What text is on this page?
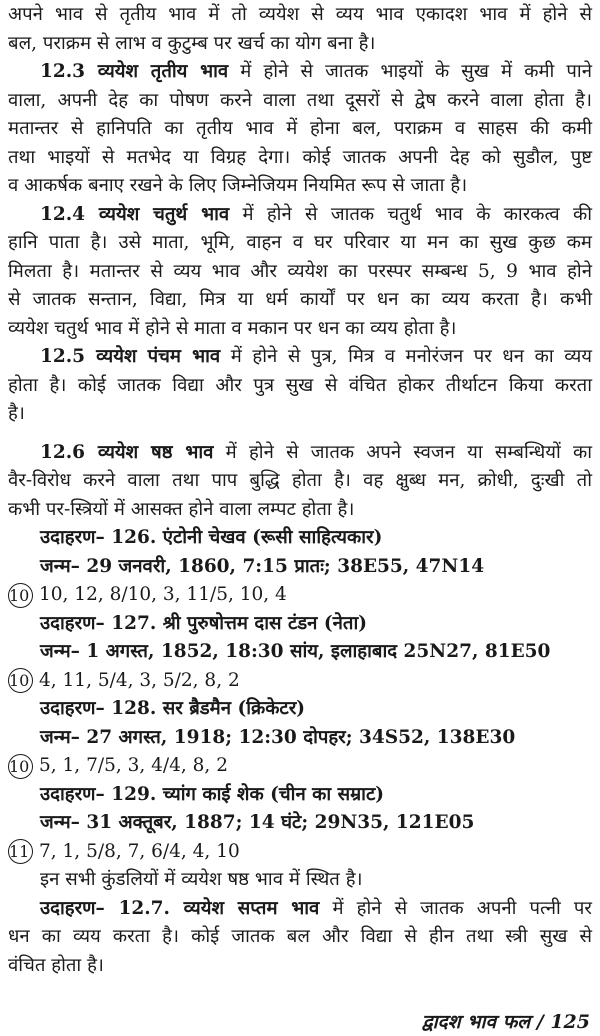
अपने भाव से तृतीय भाव में तो व्ययेश से व्यय भाव एकादश भाव में होने से
बल, पराक्रम से लाभ व कुटुम्ब पर खर्च का योग बना है।
12.3 व्ययेश तृतीय भाव में होने से जातक भाइयों के सुख में कमी पाने
वाला, अपनी देह का पोषण करने वाला तथा दूसरों से द्वेष करने वाला होता है।
मतान्तर से हानिपति का तृतीय भाव में होना बल, पराक्रम व साहस की कमी
तथा भाइयों से मतभेद या विग्रह देगा। कोई जातक अपनी देह को सुडौल, पुष्ट
व आकर्षक बनाए रखने के लिए जिम्नेजियम नियमित रूप से जाता है।
12.4 व्ययेश चतुर्थ भाव में होने से जातक चतुर्थ भाव के कारकत्व की
हानि पाता है। उसे माता, भूमि, वाहन व घर परिवार या मन का सुख कुछ कम
मिलता है। मतान्तर से व्यय भाव और व्ययेश का परस्पर सम्बन्ध 5, 9 भाव होने
से जातक सन्तान, विद्या, मित्र या धर्म कार्यों पर धन का व्यय करता है। कभी
व्ययेश चतुर्थ भाव में होने से माता व मकान पर धन का व्यय होता है।
12.5 व्ययेश पंचम भाव में होने से पुत्र, मित्र व मनोरंजन पर धन का व्यय
होता है। कोई जातक विद्या और पुत्र सुख से वंचित होकर तीर्थाटन किया करता
है।
12.6 व्ययेश षष्ठ भाव में होने से जातक अपने स्वजन या सम्बन्धियों का
वैर-विरोध करने वाला तथा पाप बुद्धि होता है। वह क्षुब्ध मन, क्रोधी, दुःखी तो
कभी पर-स्त्रियों में आसक्त होने वाला लम्पट होता है।
उदाहरण– 126. एंटोनी चेखव (रूसी साहित्यकार)
जन्म– 29 जनवरी, 1860, 7:15 प्रातः; 38E55, 47N14
10 10, 12, 8/10, 3, 11/5, 10, 4
उदाहरण– 127. श्री पुरुषोत्तम दास टंडन (नेता)
जन्म– 1 अगस्त, 1852, 18:30 सांय, इलाहाबाद 25N27, 81E50
10 4, 11, 5/4, 3, 5/2, 8, 2
उदाहरण– 128. सर ब्रैडमैन (क्रिकेटर)
जन्म– 27 अगस्त, 1918; 12:30 दोपहर; 34S52, 138E30
10 5, 1, 7/5, 3, 4/4, 8, 2
उदाहरण– 129. च्यांग काई शेक (चीन का सम्राट)
जन्म– 31 अक्तूबर, 1887; 14 घंटे; 29N35, 121E05
11 7, 1, 5/8, 7, 6/4, 4, 10
इन सभी कुंडलियों में व्ययेश षष्ठ भाव में स्थित है।
उदाहरण– 12.7. व्ययेश सप्तम भाव में होने से जातक अपनी पत्नी पर
धन का व्यय करता है। कोई जातक बल और विद्या से हीन तथा स्त्री सुख से
वंचित होता है।
द्वादश भाव फल / 125
